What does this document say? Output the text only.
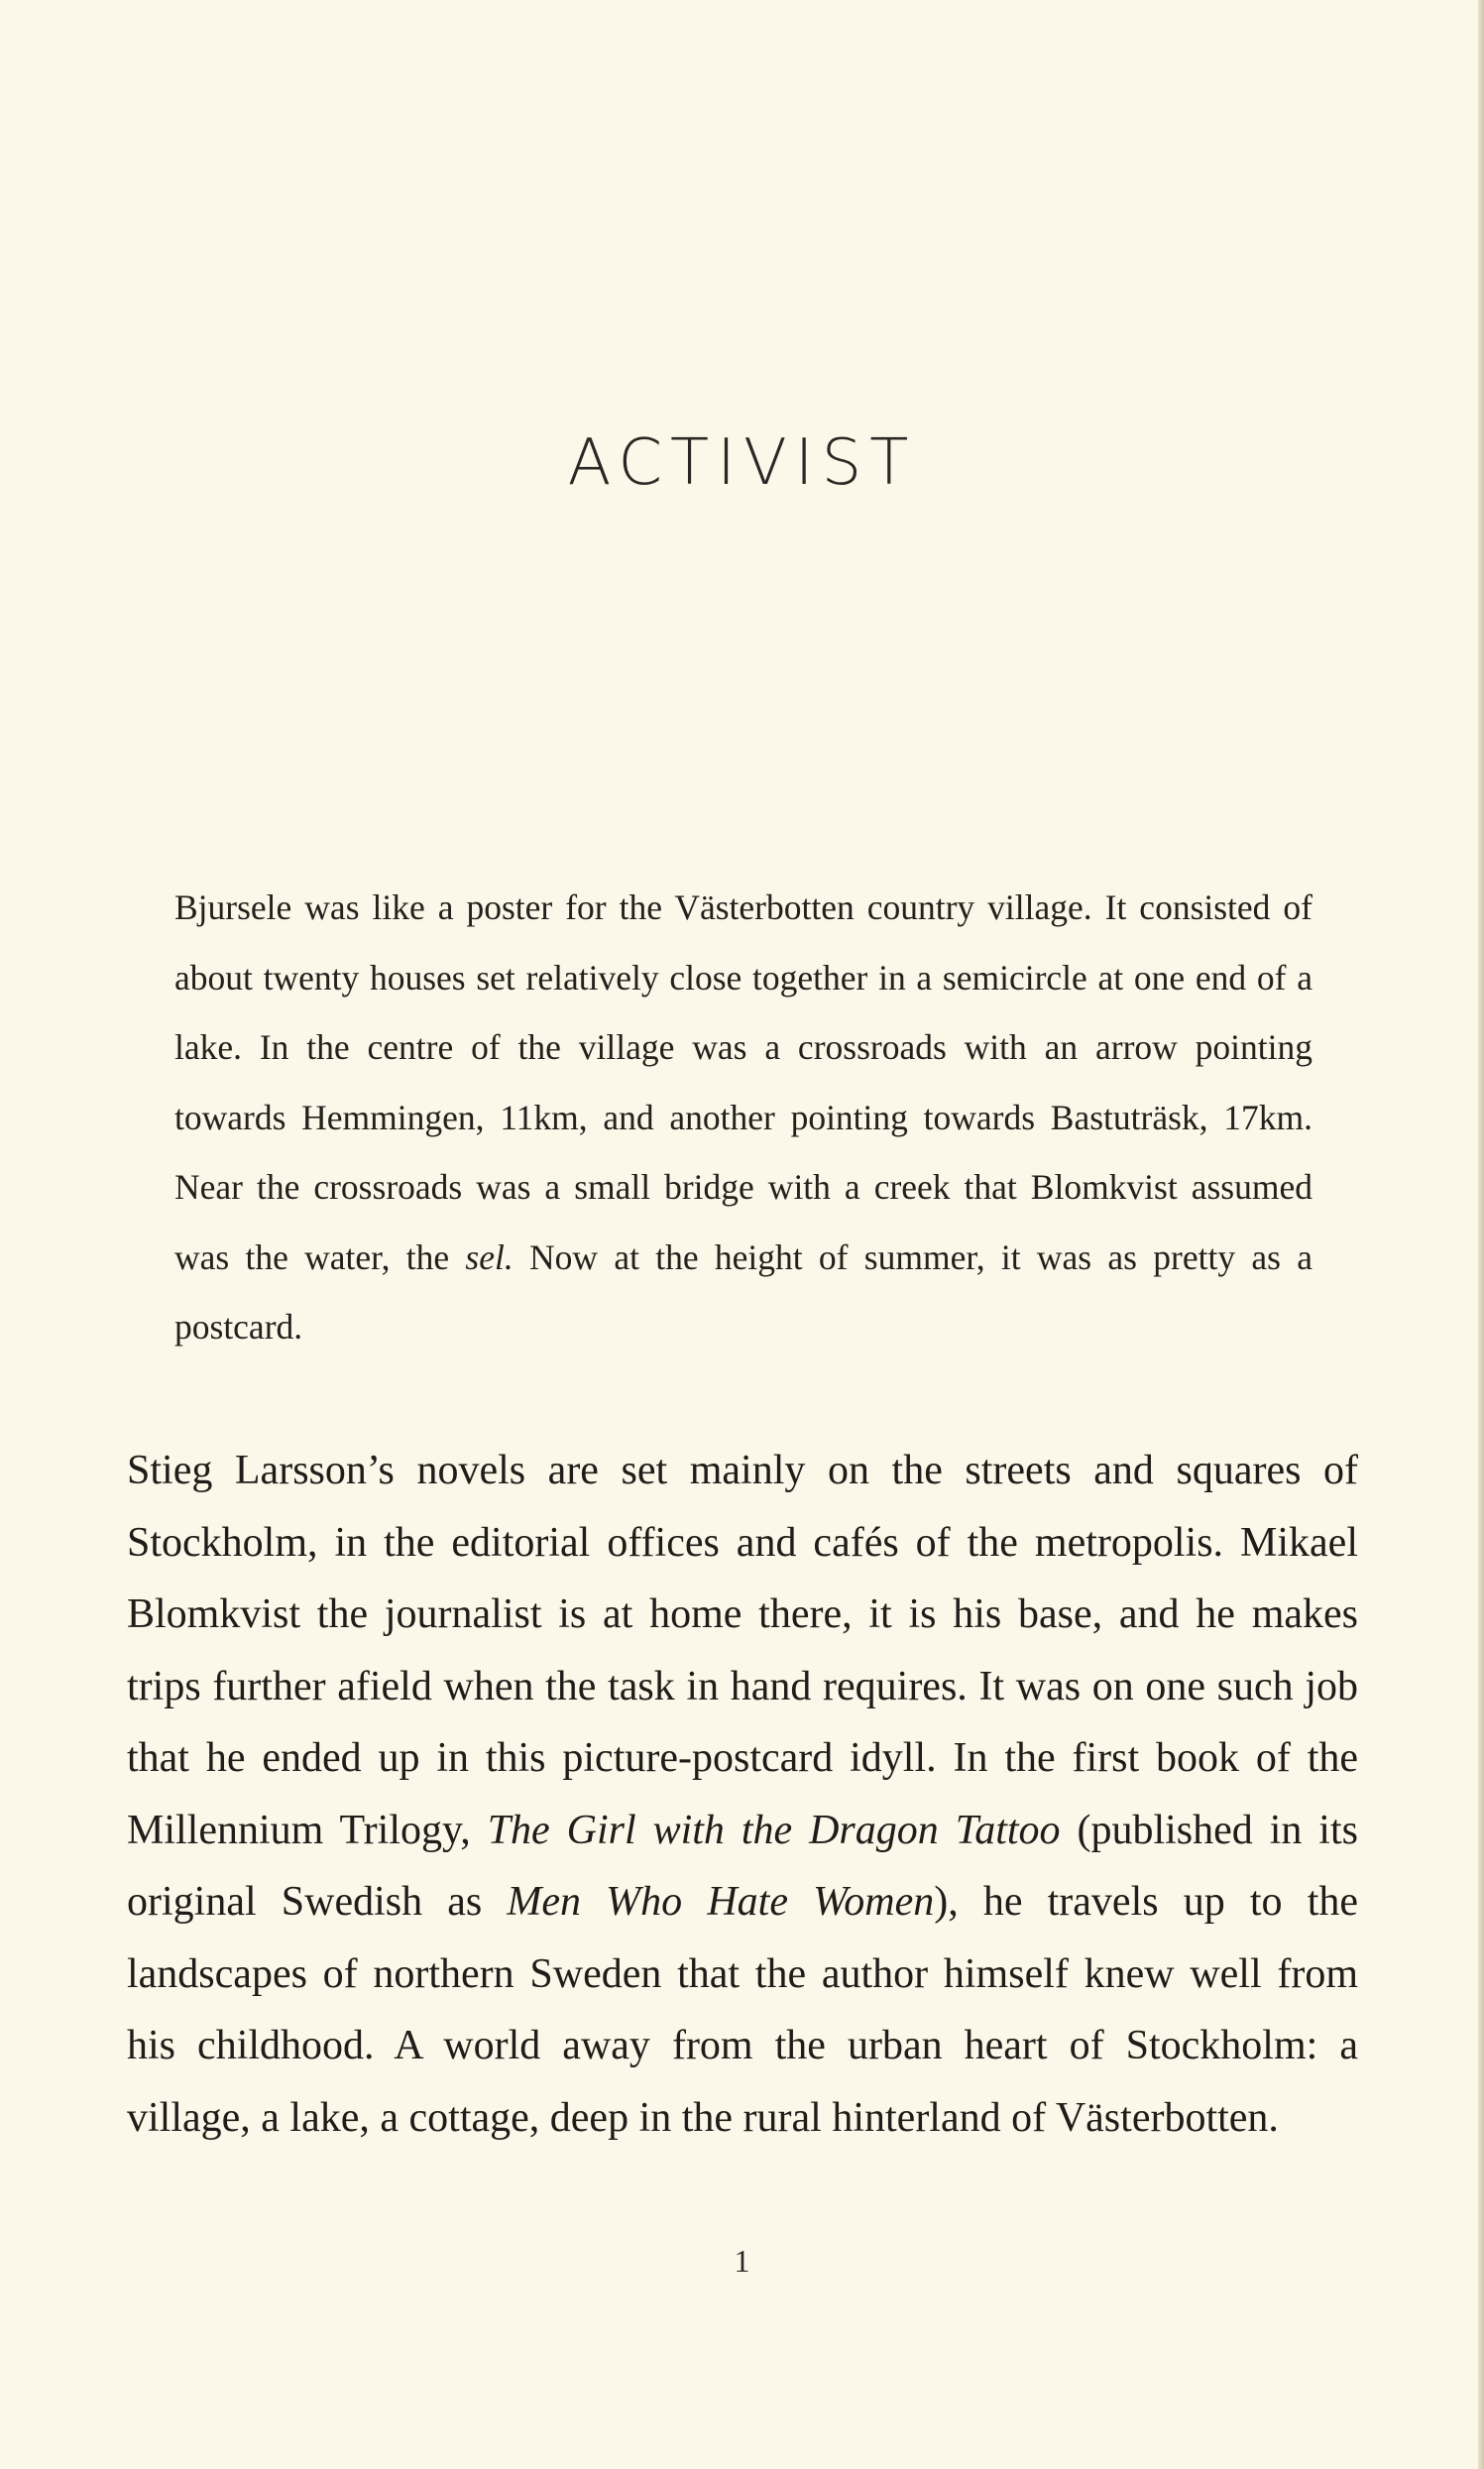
ACTIVIST

Bjursele was like a poster for the Västerbotten country village. It consisted of about twenty houses set relatively close together in a semicircle at one end of a lake. In the centre of the village was a crossroads with an arrow pointing towards Hemmingen, 11km, and another pointing towards Bastuträsk, 17km. Near the crossroads was a small bridge with a creek that Blomkvist assumed was the water, the sel. Now at the height of summer, it was as pretty as a postcard.

Stieg Larsson’s novels are set mainly on the streets and squares of Stockholm, in the editorial offices and cafés of the metropolis. Mikael Blomkvist the journalist is at home there, it is his base, and he makes trips further afield when the task in hand requires. It was on one such job that he ended up in this picture-postcard idyll. In the first book of the Millennium Trilogy, The Girl with the Dragon Tattoo (published in its original Swedish as Men Who Hate Women), he travels up to the landscapes of northern Sweden that the author himself knew well from his childhood. A world away from the urban heart of Stockholm: a village, a lake, a cottage, deep in the rural hinterland of Västerbotten.

1
